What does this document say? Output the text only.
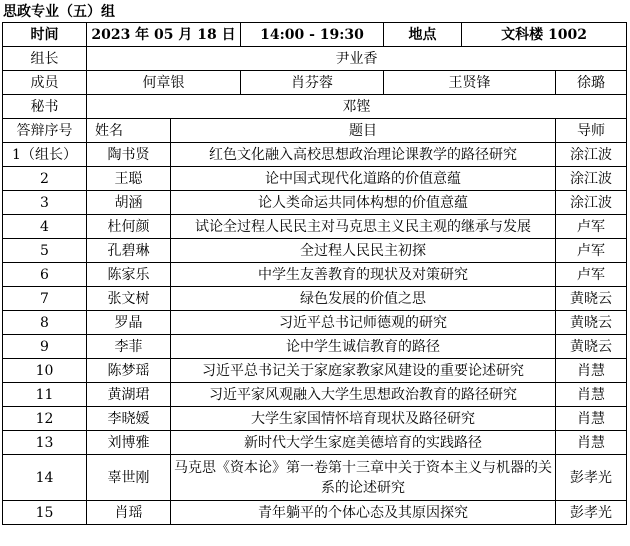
思政专业（五）组
时间	2023 年 05 月 18 日		14:00 - 19:30	地点	文科楼 1002	
组长	尹业香					
成员	何章银		肖芬蓉	王贤锋		徐璐
秘书	邓铿					
答辩序号	姓名	题目				导师
1（组长）	陶书贤	红色文化融入高校思想政治理论课教学的路径研究				涂江波
2	王聪	论中国式现代化道路的价值意蕴				涂江波
3	胡涵	论人类命运共同体构想的价值意蕴				涂江波
4	杜何颜	试论全过程人民民主对马克思主义民主观的继承与发展				卢军
5	孔碧琳	全过程人民民主初探				卢军
6	陈家乐	中学生友善教育的现状及对策研究				卢军
7	张文树	绿色发展的价值之思				黄晓云
8	罗晶	习近平总书记师德观的研究				黄晓云
9	李菲	论中学生诚信教育的路径				黄晓云
10	陈梦瑶	习近平总书记关于家庭家教家风建设的重要论述研究				肖慧
11	黄湖珺	习近平家风观融入大学生思想政治教育的路径研究				肖慧
12	李晓媛	大学生家国情怀培育现状及路径研究				肖慧
13	刘博雅	新时代大学生家庭美德培育的实践路径				肖慧
14	辜世刚	马克思《资本论》第一卷第十三章中关于资本主义与机器的关系的论述研究				彭孝光
15	肖瑶	青年躺平的个体心态及其原因探究				彭孝光
